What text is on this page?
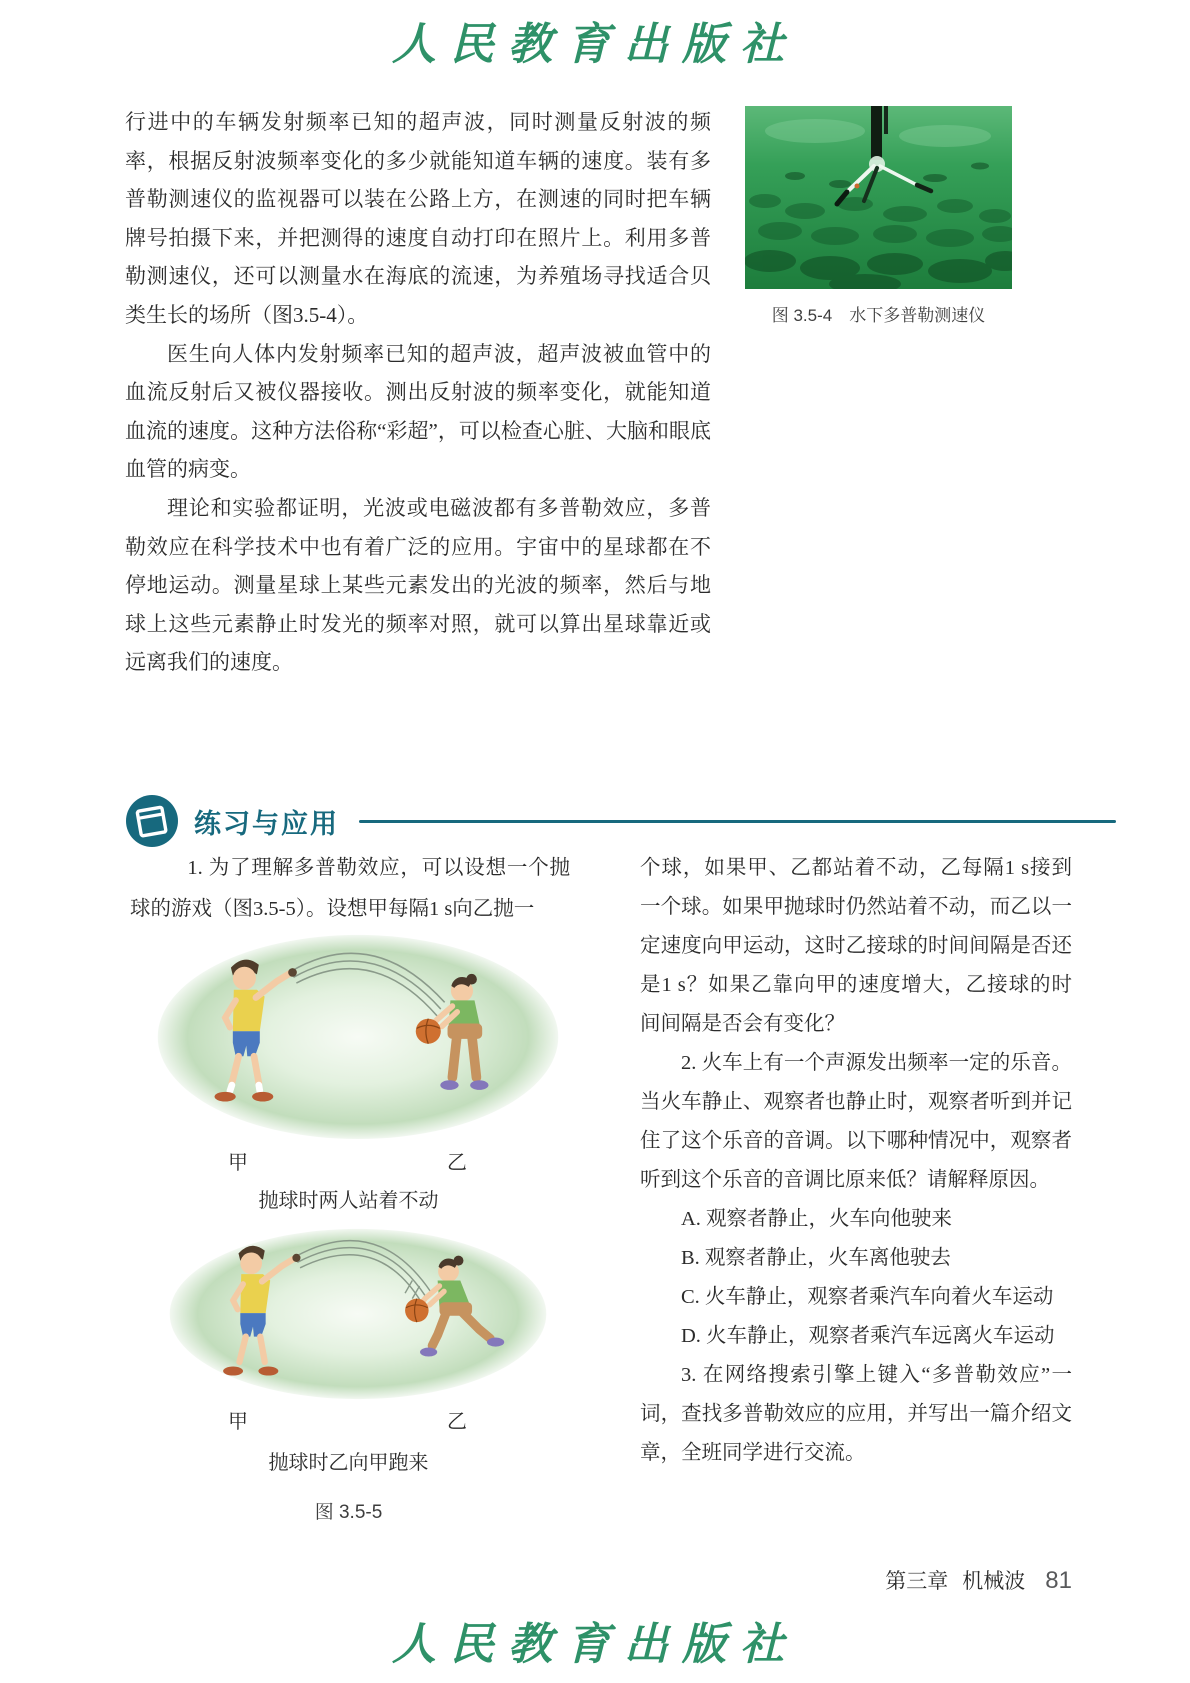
人民教育出版社

行进中的车辆发射频率已知的超声波，同时测量反射波的频率，根据反射波频率变化的多少就能知道车辆的速度。装有多普勒测速仪的监视器可以装在公路上方，在测速的同时把车辆牌号拍摄下来，并把测得的速度自动打印在照片上。利用多普勒测速仪，还可以测量水在海底的流速，为养殖场寻找适合贝类生长的场所（图3.5-4）。

医生向人体内发射频率已知的超声波，超声波被血管中的血流反射后又被仪器接收。测出反射波的频率变化，就能知道血流的速度。这种方法俗称“彩超”，可以检查心脏、大脑和眼底血管的病变。

理论和实验都证明，光波或电磁波都有多普勒效应，多普勒效应在科学技术中也有着广泛的应用。宇宙中的星球都在不停地运动。测量星球上某些元素发出的光波的频率，然后与地球上这些元素静止时发光的频率对照，就可以算出星球靠近或远离我们的速度。

图 3.5-4　水下多普勒测速仪
练习与应用

1. 为了理解多普勒效应，可以设想一个抛球的游戏（图3.5-5）。设想甲每隔1 s向乙抛一

甲	乙
抛球时两人站着不动
甲	乙
抛球时乙向甲跑来
图 3.5-5

个球，如果甲、乙都站着不动，乙每隔1 s接到一个球。如果甲抛球时仍然站着不动，而乙以一定速度向甲运动，这时乙接球的时间间隔是否还是1 s？如果乙靠向甲的速度增大，乙接球的时间间隔是否会有变化？

2. 火车上有一个声源发出频率一定的乐音。当火车静止、观察者也静止时，观察者听到并记住了这个乐音的音调。以下哪种情况中，观察者听到这个乐音的音调比原来低？请解释原因。

A. 观察者静止，火车向他驶来
B. 观察者静止，火车离他驶去
C. 火车静止，观察者乘汽车向着火车运动
D. 火车静止，观察者乘汽车远离火车运动

3. 在网络搜索引擎上键入“多普勒效应”一词，查找多普勒效应的应用，并写出一篇介绍文章，全班同学进行交流。

第三章 机械波 81
人民教育出版社
